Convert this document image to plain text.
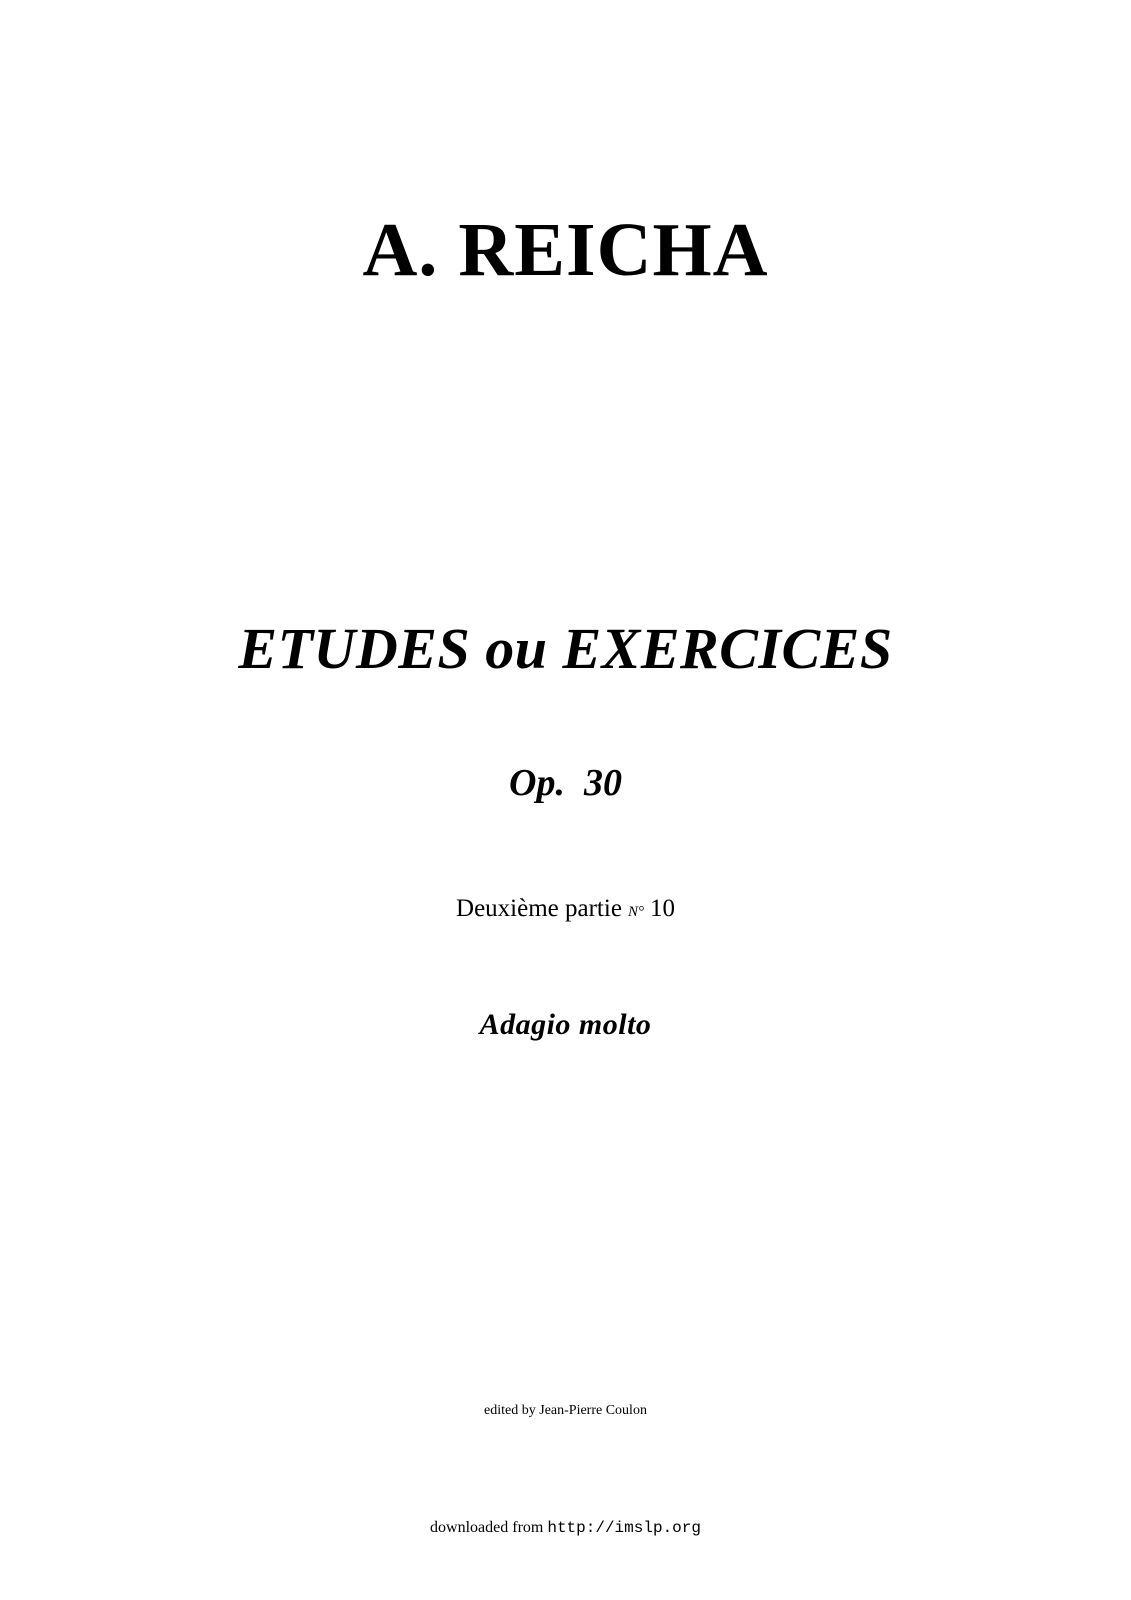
A. REICHA
ETUDES ou EXERCICES
Op.  30
Deuxième partie N° 10
Adagio molto
edited by Jean-Pierre Coulon
downloaded from http://imslp.org
